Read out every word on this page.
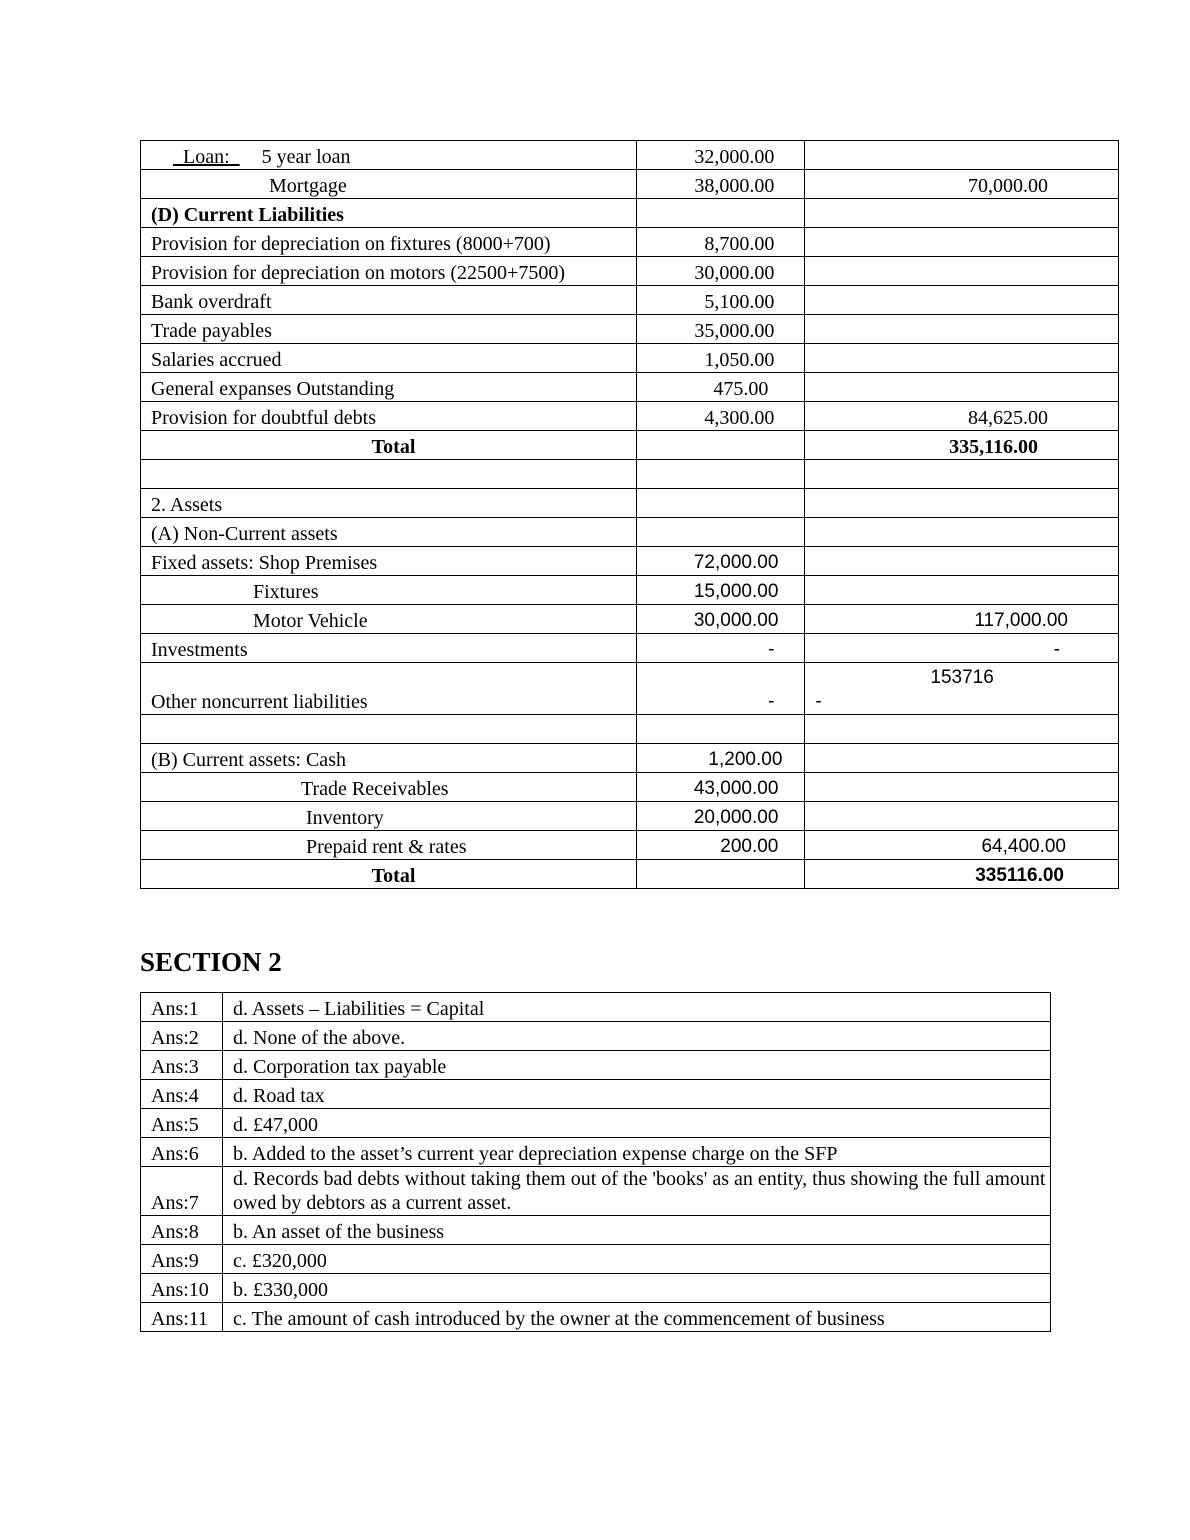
Loan: 5 year loan	32,000.00	
Mortgage	38,000.00	70,000.00
(D) Current Liabilities		
Provision for depreciation on fixtures (8000+700)	8,700.00	
Provision for depreciation on motors (22500+7500)	30,000.00	
Bank overdraft	5,100.00	
Trade payables	35,000.00	
Salaries accrued	1,050.00	
General expanses Outstanding	475.00	
Provision for doubtful debts	4,300.00	84,625.00
Total		335,116.00

2. Assets		
(A) Non-Current assets		
Fixed assets: Shop Premises	72,000.00	
Fixtures	15,000.00	
Motor Vehicle	30,000.00	117,000.00
Investments	-	-
Other noncurrent liabilities	-	153716
-

(B) Current assets: Cash	1,200.00	
Trade Receivables	43,000.00	
Inventory	20,000.00	
Prepaid rent & rates	200.00	64,400.00
Total		335116.00
SECTION 2
Ans:1	d. Assets – Liabilities = Capital

Ans:2	d. None of the above.

Ans:3	d. Corporation tax payable

Ans:4	d. Road tax

Ans:5	d. £47,000

Ans:6	b. Added to the asset’s current year depreciation expense charge on the SFP

Ans:7	d. Records bad debts without taking them out of the 'books' as an entity, thus showing the full amount owed by debtors as a current asset.

Ans:8	b. An asset of the business

Ans:9	c. £320,000

Ans:10	b. £330,000

Ans:11	c. The amount of cash introduced by the owner at the commencement of business
